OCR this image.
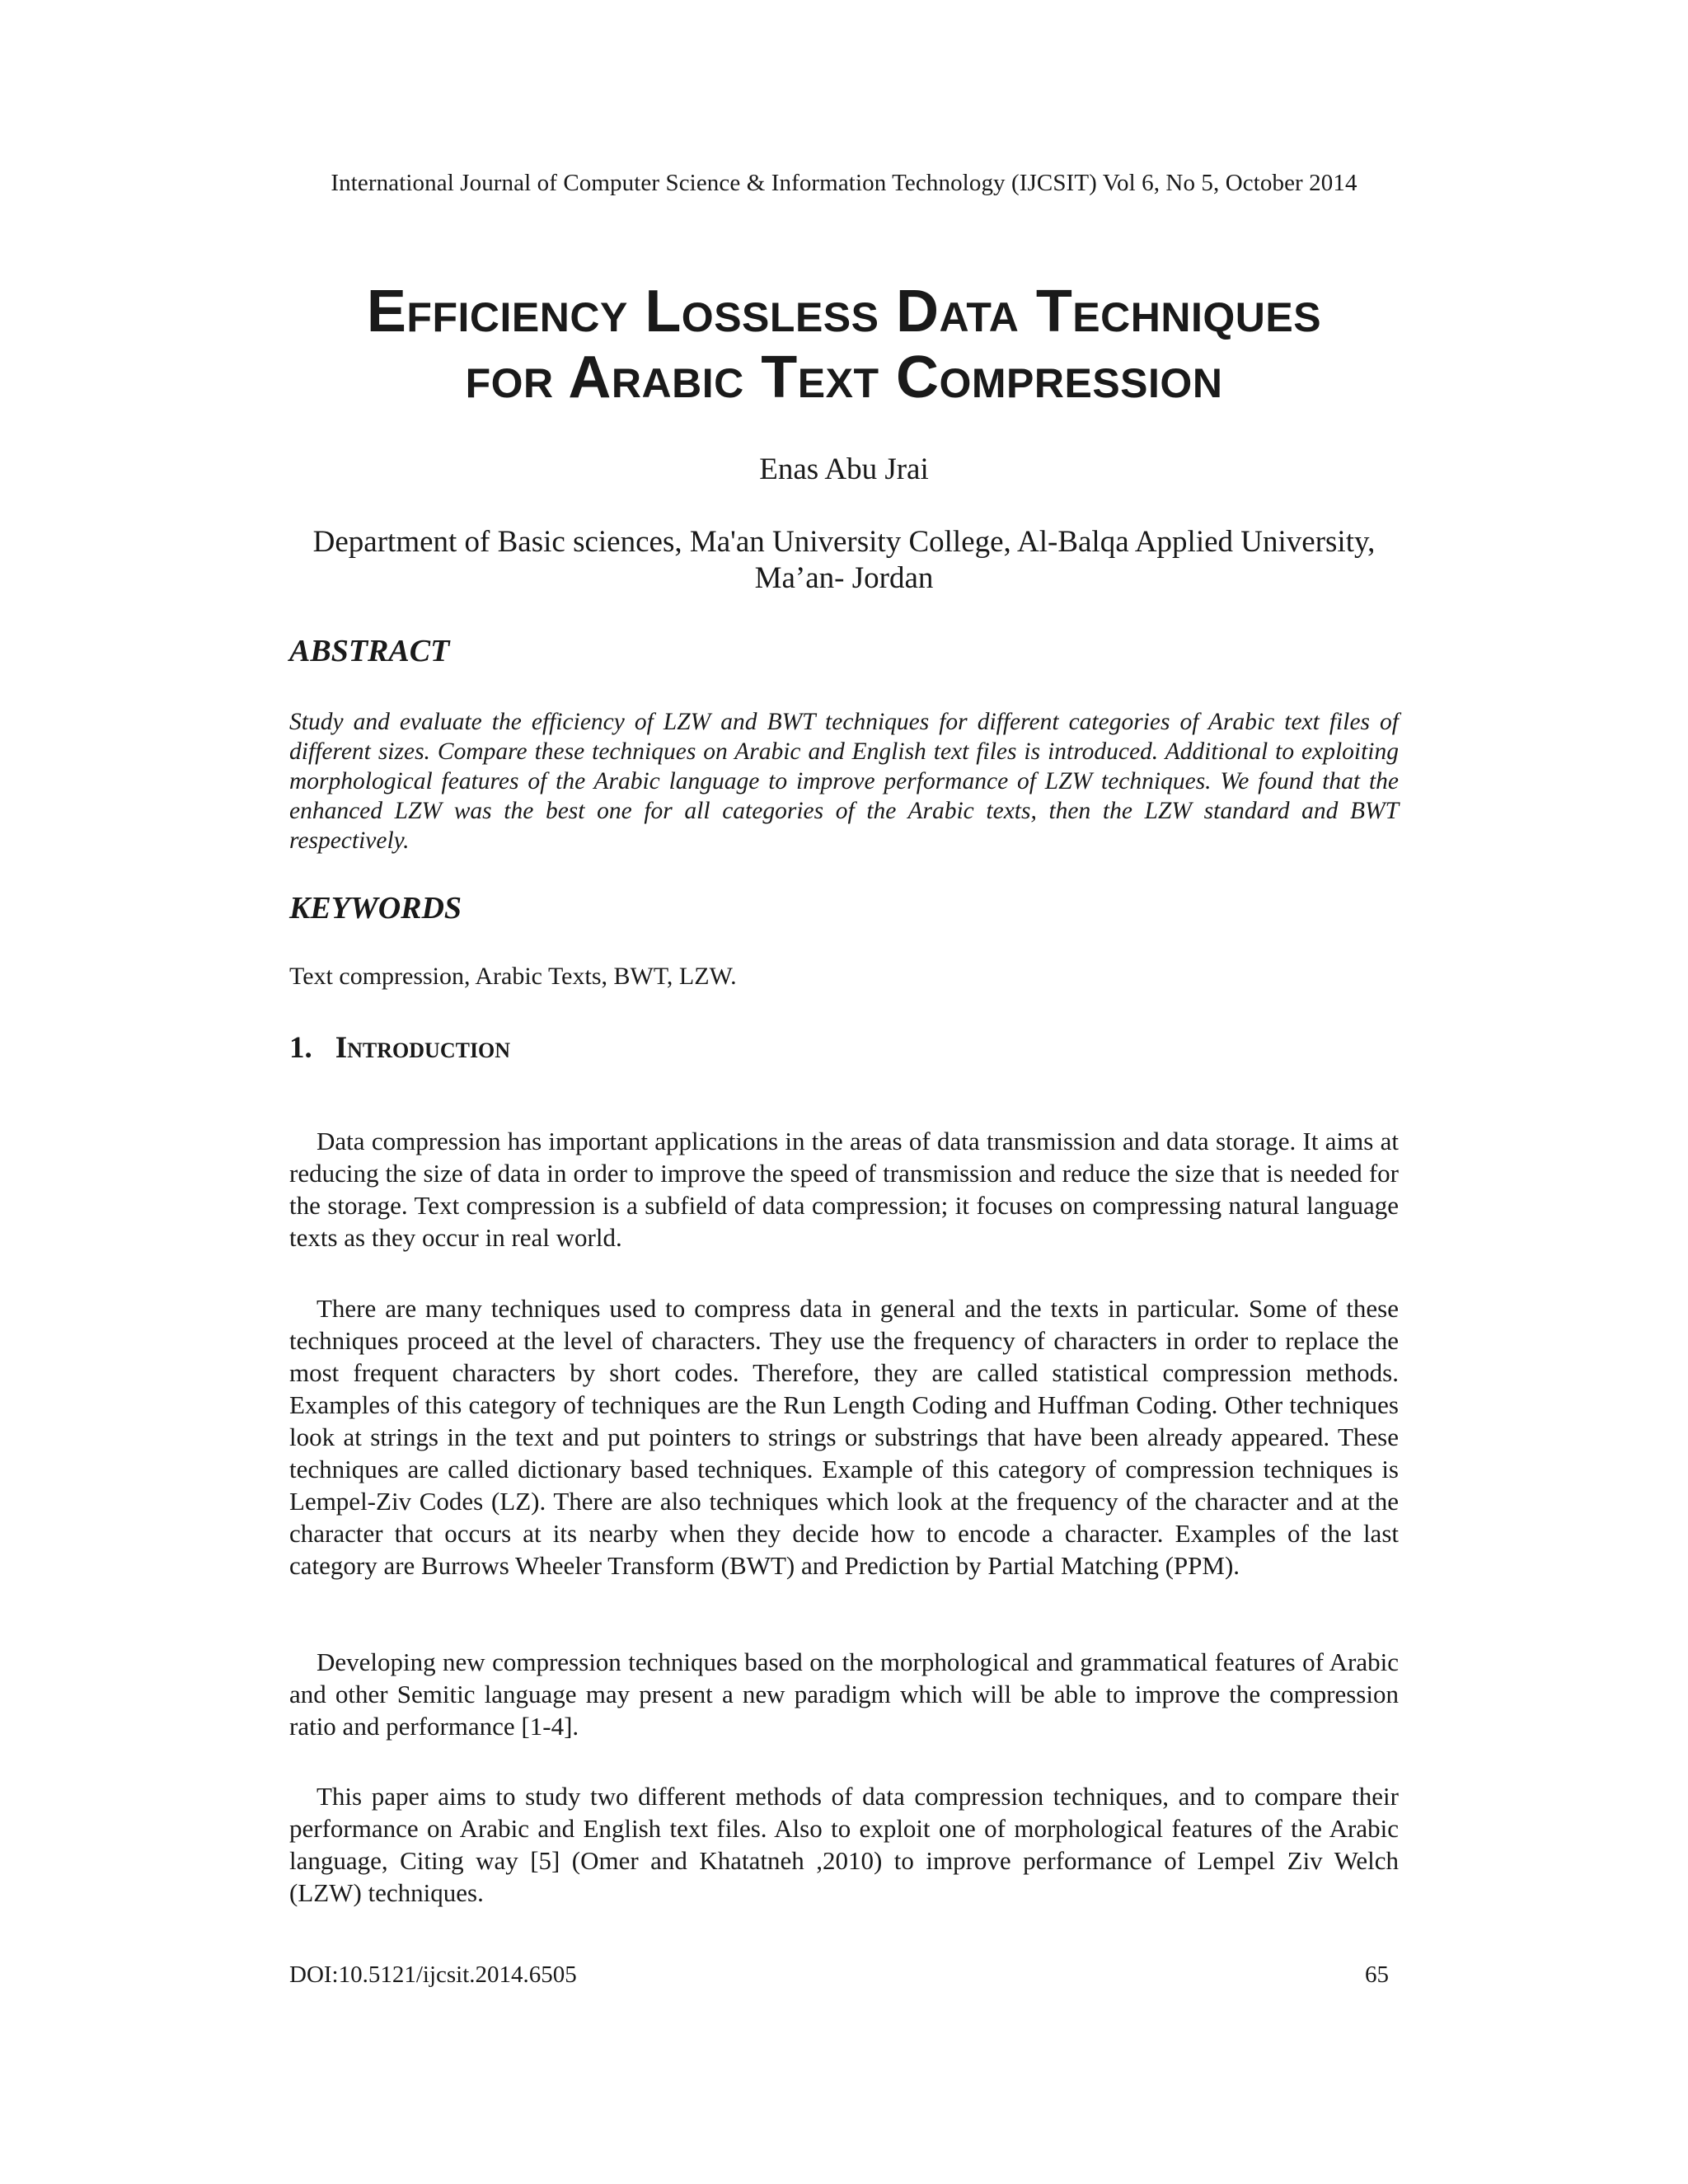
International Journal of Computer Science & Information Technology (IJCSIT) Vol 6, No 5, October 2014
Efficiency Lossless Data Techniques
for Arabic Text Compression
Enas Abu Jrai
Department of Basic sciences, Ma'an University College, Al-Balqa Applied University,
Ma’an- Jordan
ABSTRACT
Study and evaluate the efficiency of LZW and BWT techniques for different categories of Arabic text files of different sizes. Compare these techniques on Arabic and English text files is introduced. Additional to exploiting morphological features of the Arabic language to improve performance of LZW techniques. We found that the enhanced LZW was the best one for all categories of the Arabic texts, then the LZW standard and BWT respectively.
KEYWORDS
Text compression, Arabic Texts, BWT, LZW.
1. Introduction

Data compression has important applications in the areas of data transmission and data storage. It aims at reducing the size of data in order to improve the speed of transmission and reduce the size that is needed for the storage. Text compression is a subfield of data compression; it focuses on compressing natural language texts as they occur in real world.

There are many techniques used to compress data in general and the texts in particular. Some of these techniques proceed at the level of characters. They use the frequency of characters in order to replace the most frequent characters by short codes. Therefore, they are called statistical compression methods. Examples of this category of techniques are the Run Length Coding and Huffman Coding. Other techniques look at strings in the text and put pointers to strings or substrings that have been already appeared. These techniques are called dictionary based techniques. Example of this category of compression techniques is Lempel-Ziv Codes (LZ). There are also techniques which look at the frequency of the character and at the character that occurs at its nearby when they decide how to encode a character. Examples of the last category are Burrows Wheeler Transform (BWT) and Prediction by Partial Matching (PPM).

Developing new compression techniques based on the morphological and grammatical features of Arabic and other Semitic language may present a new paradigm which will be able to improve the compression ratio and performance [1-4].

This paper aims to study two different methods of data compression techniques, and to compare their performance on Arabic and English text files. Also to exploit one of morphological features of the Arabic language, Citing way [5] (Omer and Khatatneh ,2010) to improve performance of Lempel Ziv Welch (LZW) techniques.

DOI:10.5121/ijcsit.2014.6505	65
